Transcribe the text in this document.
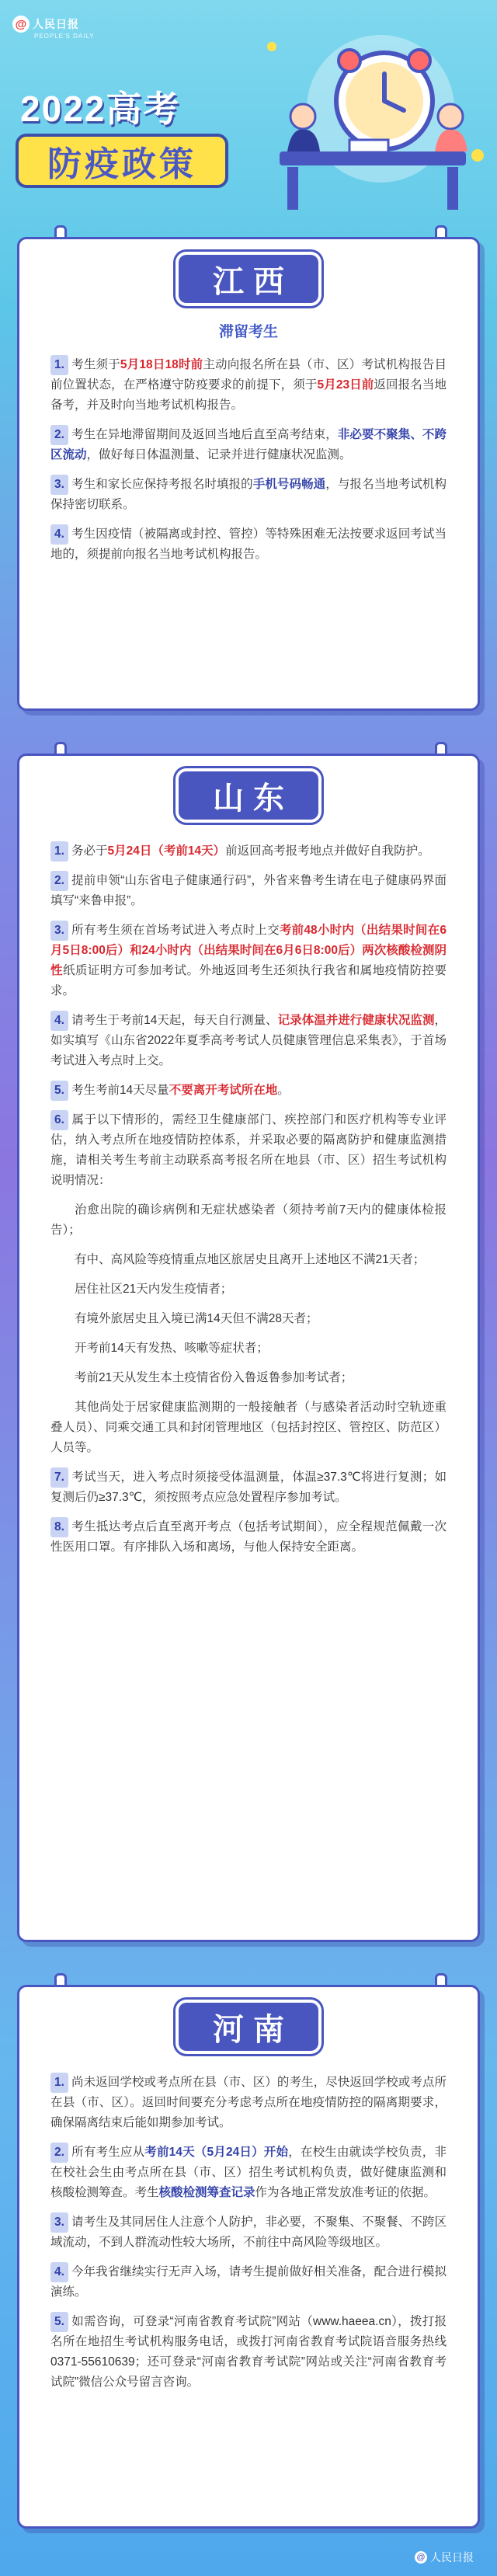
@ 人民日报
PEOPLE'S DAILY
2022高考
防疫政策
江西
滞留考生

1. 考生须于5月18日18时前主动向报名所在县（市、区）考试机构报告目前位置状态，在严格遵守防疫要求的前提下，须于5月23日前返回报名当地备考，并及时向当地考试机构报告。

2. 考生在异地滞留期间及返回当地后直至高考结束，非必要不聚集、不跨区流动，做好每日体温测量、记录并进行健康状况监测。

3. 考生和家长应保持考报名时填报的手机号码畅通，与报名当地考试机构保持密切联系。

4. 考生因疫情（被隔离或封控、管控）等特殊困难无法按要求返回考试当地的，须提前向报名当地考试机构报告。

山东

1. 务必于5月24日（考前14天）前返回高考报考地点并做好自我防护。

2. 提前申领“山东省电子健康通行码”，外省来鲁考生请在电子健康码界面填写“来鲁申报”。

3. 所有考生须在首场考试进入考点时上交考前48小时内（出结果时间在6月5日8:00后）和24小时内（出结果时间在6月6日8:00后）两次核酸检测阴性纸质证明方可参加考试。外地返回考生还须执行我省和属地疫情防控要求。

4. 请考生于考前14天起，每天自行测量、记录体温并进行健康状况监测，如实填写《山东省2022年夏季高考考试人员健康管理信息采集表》，于首场考试进入考点时上交。

5. 考生考前14天尽量不要离开考试所在地。

6. 属于以下情形的，需经卫生健康部门、疾控部门和医疗机构等专业评估，纳入考点所在地疫情防控体系，并采取必要的隔离防护和健康监测措施，请相关考生考前主动联系高考报名所在地县（市、区）招生考试机构说明情况：

治愈出院的确诊病例和无症状感染者（须持考前7天内的健康体检报告）；

有中、高风险等疫情重点地区旅居史且离开上述地区不满21天者；

居住社区21天内发生疫情者；

有境外旅居史且入境已满14天但不满28天者；

开考前14天有发热、咳嗽等症状者；

考前21天从发生本土疫情省份入鲁返鲁参加考试者；

其他尚处于居家健康监测期的一般接触者（与感染者活动时空轨迹重叠人员）、同乘交通工具和封闭管理地区（包括封控区、管控区、防范区）人员等。

7. 考试当天，进入考点时须接受体温测量，体温≥37.3℃将进行复测；如复测后仍≥37.3℃，须按照考点应急处置程序参加考试。

8. 考生抵达考点后直至离开考点（包括考试期间），应全程规范佩戴一次性医用口罩。有序排队入场和离场，与他人保持安全距离。

河南

1. 尚未返回学校或考点所在县（市、区）的考生，尽快返回学校或考点所在县（市、区）。返回时间要充分考虑考点所在地疫情防控的隔离期要求，确保隔离结束后能如期参加考试。

2. 所有考生应从考前14天（5月24日）开始，在校生由就读学校负责，非在校社会生由考点所在县（市、区）招生考试机构负责，做好健康监测和核酸检测筹查。考生核酸检测筹查记录作为各地正常发放准考证的依据。

3. 请考生及其同居住人注意个人防护，非必要，不聚集、不聚餐、不跨区域流动，不到人群流动性较大场所，不前往中高风险等级地区。

4. 今年我省继续实行无声入场，请考生提前做好相关准备，配合进行模拟演练。

5. 如需咨询，可登录“河南省教育考试院”网站（www.haeea.cn），拨打报名所在地招生考试机构服务电话，或拨打河南省教育考试院语音服务热线0371-55610639；还可登录“河南省教育考试院”网站或关注“河南省教育考试院”微信公众号留言咨询。

@ 人民日报
